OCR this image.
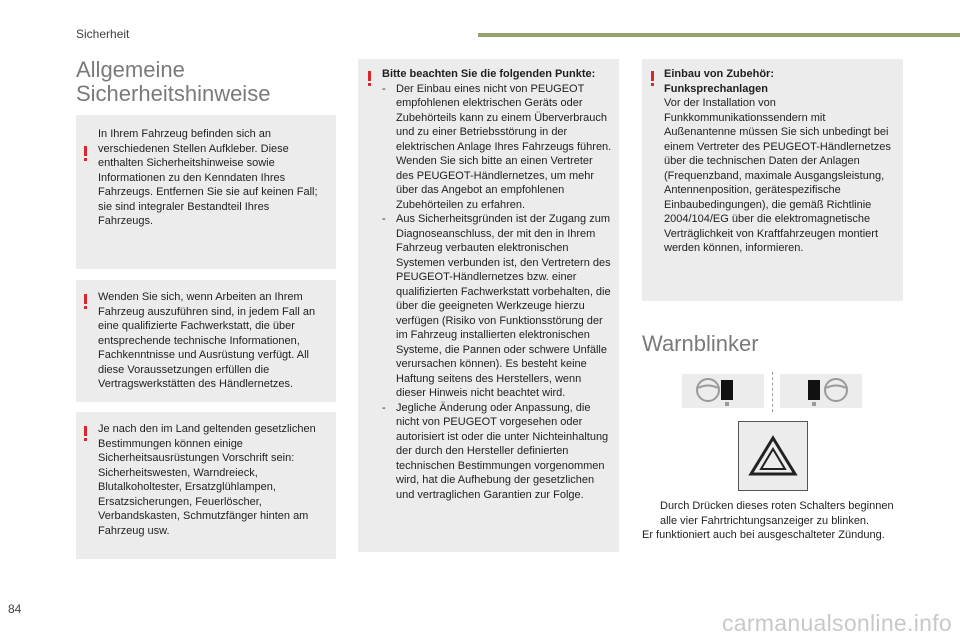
Sicherheit
Allgemeine Sicherheitshinweise

In Ihrem Fahrzeug befinden sich an verschiedenen Stellen Aufkleber. Diese enthalten Sicherheitshinweise sowie Informationen zu den Kenndaten Ihres Fahrzeugs. Entfernen Sie sie auf keinen Fall; sie sind integraler Bestandteil Ihres Fahrzeugs.

Wenden Sie sich, wenn Arbeiten an Ihrem Fahrzeug auszuführen sind, in jedem Fall an eine qualifizierte Fachwerkstatt, die über entsprechende technische Informationen, Fachkenntnisse und Ausrüstung verfügt. All diese Voraussetzungen erfüllen die Vertragswerkstätten des Händlernetzes.

Je nach den im Land geltenden gesetzlichen Bestimmungen können einige Sicherheitsausrüstungen Vorschrift sein: Sicherheitswesten, Warndreieck, Blutalkoholtester, Ersatzglühlampen, Ersatzsicherungen, Feuerlöscher, Verbandskasten, Schmutzfänger hinten am Fahrzeug usw.

Bitte beachten Sie die folgenden Punkte:

- Der Einbau eines nicht von PEUGEOT empfohlenen elektrischen Geräts oder Zubehörteils kann zu einem Überverbrauch und zu einer Betriebsstörung in der elektrischen Anlage Ihres Fahrzeugs führen. Wenden Sie sich bitte an einen Vertreter des PEUGEOT-Händlernetzes, um mehr über das Angebot an empfohlenen Zubehörteilen zu erfahren.
- Aus Sicherheitsgründen ist der Zugang zum Diagnoseanschluss, der mit den in Ihrem Fahrzeug verbauten elektronischen Systemen verbunden ist, den Vertretern des PEUGEOT-Händlernetzes bzw. einer qualifizierten Fachwerkstatt vorbehalten, die über die geeigneten Werkzeuge hierzu verfügen (Risiko von Funktionsstörung der im Fahrzeug installierten elektronischen Systeme, die Pannen oder schwere Unfälle verursachen können). Es besteht keine Haftung seitens des Herstellers, wenn dieser Hinweis nicht beachtet wird.
- Jegliche Änderung oder Anpassung, die nicht von PEUGEOT vorgesehen oder autorisiert ist oder die unter Nichteinhaltung der durch den Hersteller definierten technischen Bestimmungen vorgenommen wird, hat die Aufhebung der gesetzlichen und vertraglichen Garantien zur Folge.

Einbau von Zubehör:

Funksprechanlagen

Vor der Installation von Funkkommunikationssendern mit Außenantenne müssen Sie sich unbedingt bei einem Vertreter des PEUGEOT-Händlernetzes über die technischen Daten der Anlagen (Frequenzband, maximale Ausgangsleistung, Antennenposition, gerätespezifische Einbaubedingungen), die gemäß Richtlinie 2004/104/EG über die elektromagnetische Verträglichkeit von Kraftfahrzeugen montiert werden können, informieren.

Warnblinker
Durch Drücken dieses roten Schalters beginnen alle vier Fahrtrichtungsanzeiger zu blinken.
Er funktioniert auch bei ausgeschalteter Zündung.
84
carmanualsonline.info
